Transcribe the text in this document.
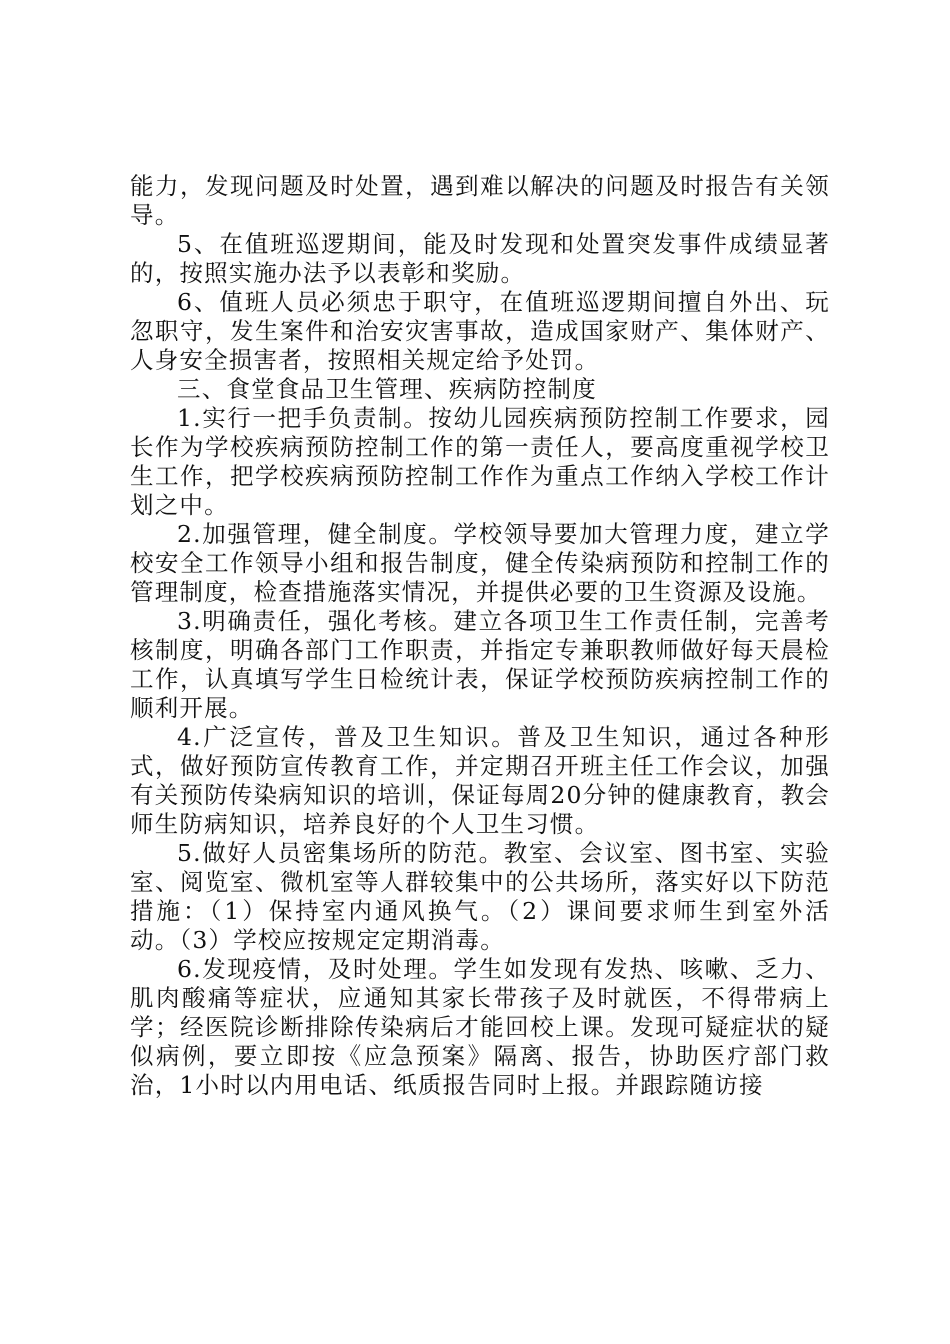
能力，发现问题及时处置，遇到难以解决的问题及时报告有关领导。

5、在值班巡逻期间，能及时发现和处置突发事件成绩显著的，按照实施办法予以表彰和奖励。

6、值班人员必须忠于职守，在值班巡逻期间擅自外出、玩忽职守，发生案件和治安灾害事故，造成国家财产、集体财产、人身安全损害者，按照相关规定给予处罚。

三、食堂食品卫生管理、疾病防控制度

1.实行一把手负责制。按幼儿园疾病预防控制工作要求，园长作为学校疾病预防控制工作的第一责任人，要高度重视学校卫生工作，把学校疾病预防控制工作作为重点工作纳入学校工作计划之中。

2.加强管理，健全制度。学校领导要加大管理力度，建立学校安全工作领导小组和报告制度，健全传染病预防和控制工作的管理制度，检查措施落实情况，并提供必要的卫生资源及设施。

3.明确责任，强化考核。建立各项卫生工作责任制，完善考核制度，明确各部门工作职责，并指定专兼职教师做好每天晨检工作，认真填写学生日检统计表，保证学校预防疾病控制工作的顺利开展。

4.广泛宣传，普及卫生知识。普及卫生知识，通过各种形式，做好预防宣传教育工作，并定期召开班主任工作会议，加强有关预防传染病知识的培训，保证每周20分钟的健康教育，教会师生防病知识，培养良好的个人卫生习惯。

5.做好人员密集场所的防范。教室、会议室、图书室、实验室、阅览室、微机室等人群较集中的公共场所，落实好以下防范措施：（1）保持室内通风换气。（2）课间要求师生到室外活动。（3）学校应按规定定期消毒。

6.发现疫情，及时处理。学生如发现有发热、咳嗽、乏力、肌肉酸痛等症状，应通知其家长带孩子及时就医，不得带病上学；经医院诊断排除传染病后才能回校上课。发现可疑症状的疑似病例，要立即按《应急预案》隔离、报告，协助医疗部门救治，1小时以内用电话、纸质报告同时上报。并跟踪随访接
